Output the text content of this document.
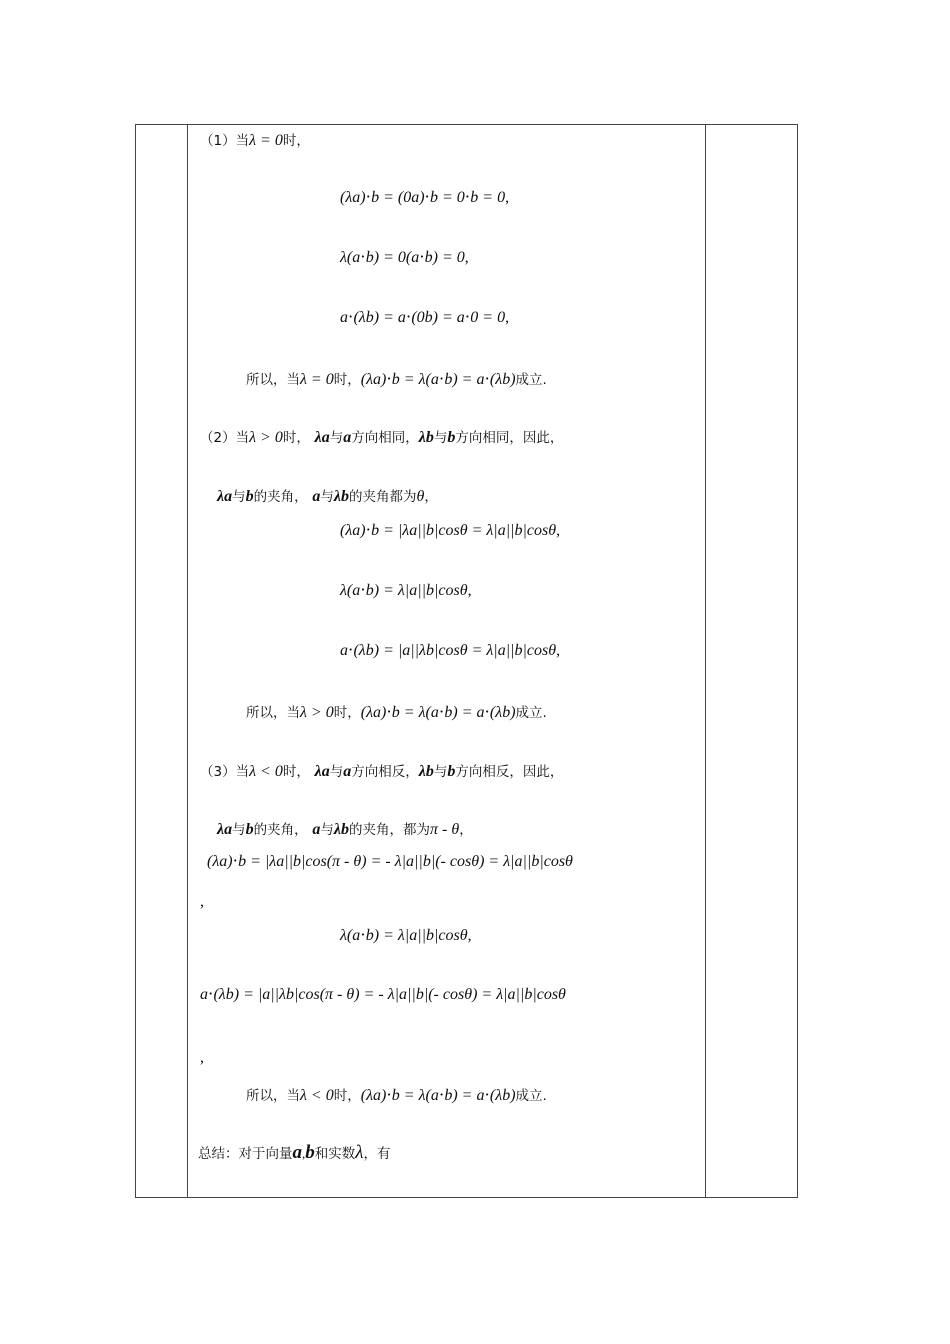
（1）当λ = 0时，
(λa)⋅b = (0a)⋅b = 0⋅b = 0,
λ(a⋅b) = 0(a⋅b) = 0,
a⋅(λb) = a⋅(0b) = a⋅0 = 0,
所以，当λ = 0时，(λa)⋅b = λ(a⋅b) = a⋅(λb)成立.
（2）当λ > 0时， λa与a方向相同，λb与b方向相同，因此，
λa与b的夹角， a与λb的夹角都为θ，
(λa)⋅b = |λa||b|cosθ = λ|a||b|cosθ,
λ(a⋅b) = λ|a||b|cosθ,
a⋅(λb) = |a||λb|cosθ = λ|a||b|cosθ,
所以，当λ > 0时，(λa)⋅b = λ(a⋅b) = a⋅(λb)成立.
（3）当λ < 0时， λa与a方向相反，λb与b方向相反，因此，
λa与b的夹角， a与λb的夹角，都为π - θ，
(λa)⋅b = |λa||b|cos(π - θ) = - λ|a||b|(- cosθ) = λ|a||b|cosθ
,
λ(a⋅b) = λ|a||b|cosθ,
a⋅(λb) = |a||λb|cos(π - θ) = - λ|a||b|(- cosθ) = λ|a||b|cosθ
,
所以，当λ < 0时，(λa)⋅b = λ(a⋅b) = a⋅(λb)成立.
总结：对于向量a,b和实数λ，有
